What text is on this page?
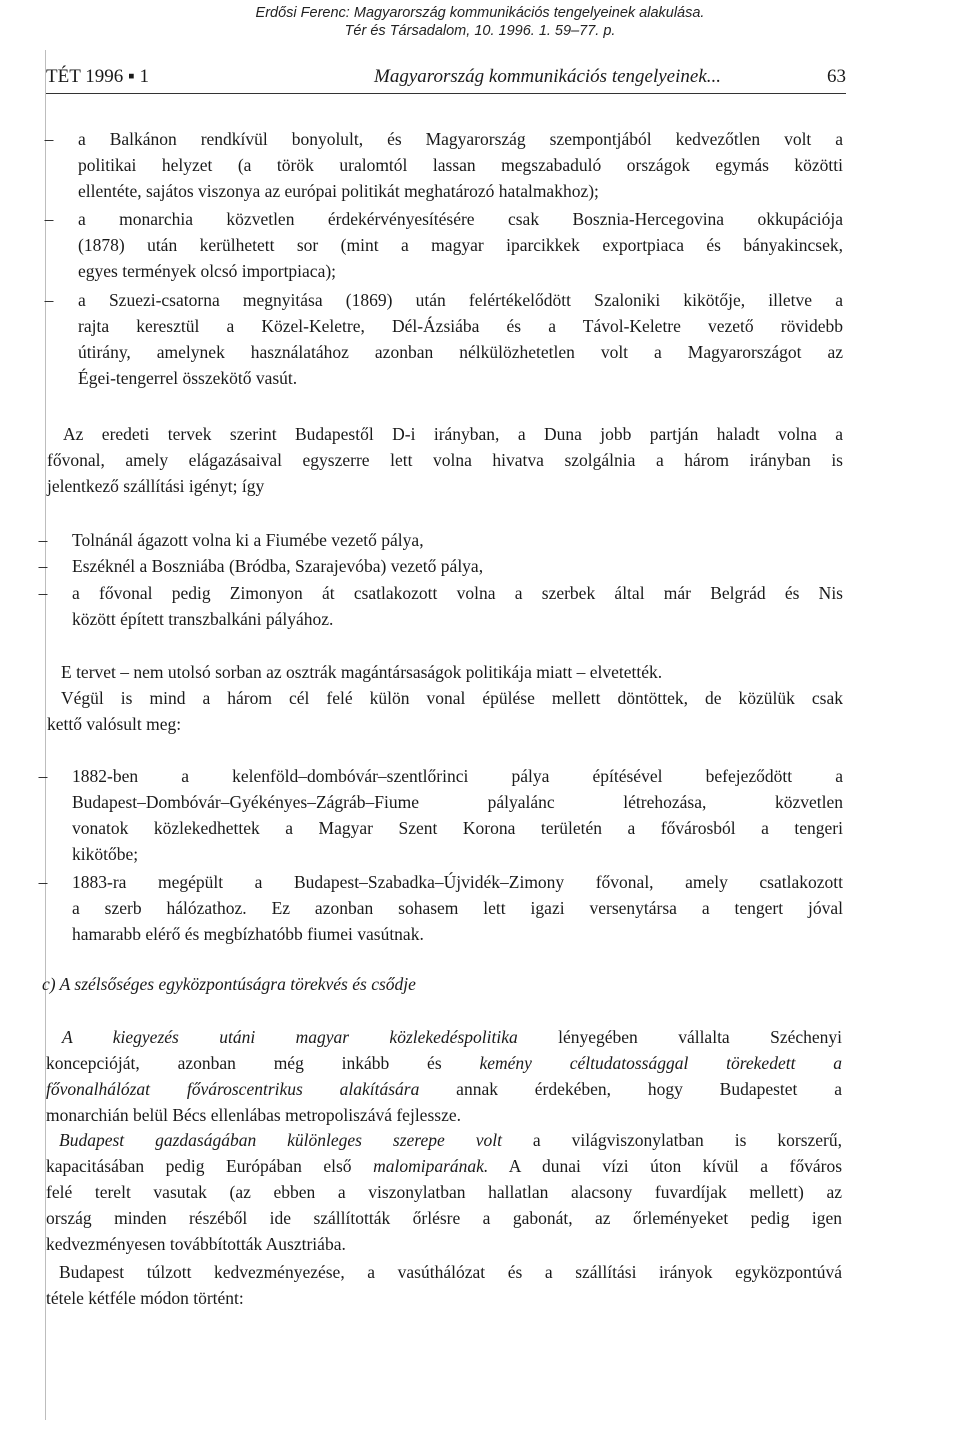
Erdősi Ferenc: Magyarország kommunikációs tengelyeinek alakulása.
Tér és Társadalom, 10. 1996. 1. 59–77. p.
TÉT 1996 ▪ 1	Magyarország kommunikációs tengelyeinek...	63
– a Balkánon rendkívül bonyolult, és Magyarország szempontjából kedvezőtlen volt a

politikai helyzet (a török uralomtól lassan megszabaduló országok egymás közötti

ellentéte, sajátos viszonya az európai politikát meghatározó hatalmakhoz);

– a monarchia közvetlen érdekérvényesítésére csak Bosznia-Hercegovina okkupációja

(1878) után kerülhetett sor (mint a magyar iparcikkek exportpiaca és bányakincsek,

egyes termények olcsó importpiaca);

– a Szuezi-csatorna megnyitása (1869) után felértékelődött Szaloniki kikötője, illetve a

rajta keresztül a Közel-Keletre, Dél-Ázsiába és a Távol-Keletre vezető rövidebb

útirány, amelynek használatához azonban nélkülözhetetlen volt a Magyarországot az

Égei-tengerrel összekötő vasút.

Az eredeti tervek szerint Budapestől D-i irányban, a Duna jobb partján haladt volna a

fővonal, amely elágazásaival egyszerre lett volna hivatva szolgálnia a három irányban is

jelentkező szállítási igényt; így

– Tolnánál ágazott volna ki a Fiumébe vezető pálya,

– Eszéknél a Boszniába (Bródba, Szarajevóba) vezető pálya,

– a fővonal pedig Zimonyon át csatlakozott volna a szerbek által már Belgrád és Nis

között épített transzbalkáni pályához.

E tervet – nem utolsó sorban az osztrák magántársaságok politikája miatt – elvetették.

Végül is mind a három cél felé külön vonal épülése mellett döntöttek, de közülük csak

kettő valósult meg:

– 1882-ben a kelenföld–dombóvár–szentlőrinci pálya építésével befejeződött a

Budapest–Dombóvár–Gyékényes–Zágráb–Fiume pályalánc létrehozása, közvetlen

vonatok közlekedhettek a Magyar Szent Korona területén a fővárosból a tengeri

kikötőbe;

– 1883-ra megépült a Budapest–Szabadka–Újvidék–Zimony fővonal, amely csatlakozott

a szerb hálózathoz. Ez azonban sohasem lett igazi versenytársa a tengert jóval

hamarabb elérő és megbízhatóbb fiumei vasútnak.

c) A szélsőséges egyközpontúságra törekvés és csődje

A kiegyezés utáni magyar közlekedéspolitika lényegében vállalta Széchenyi

koncepcióját, azonban még inkább és kemény céltudatossággal törekedett a

fővonalhálózat fővároscentrikus alakítására annak érdekében, hogy Budapestet a

monarchián belül Bécs ellenlábas metropoliszává fejlessze.

Budapest gazdaságában különleges szerepe volt a világviszonylatban is korszerű,

kapacitásában pedig Európában első malomiparának. A dunai vízi úton kívül a főváros

felé terelt vasutak (az ebben a viszonylatban hallatlan alacsony fuvardíjak mellett) az

ország minden részéből ide szállították őrlésre a gabonát, az őrleményeket pedig igen

kedvezményesen továbbították Ausztriába.

Budapest túlzott kedvezményezése, a vasúthálózat és a szállítási irányok egyközpontúvá

tétele kétféle módon történt:
